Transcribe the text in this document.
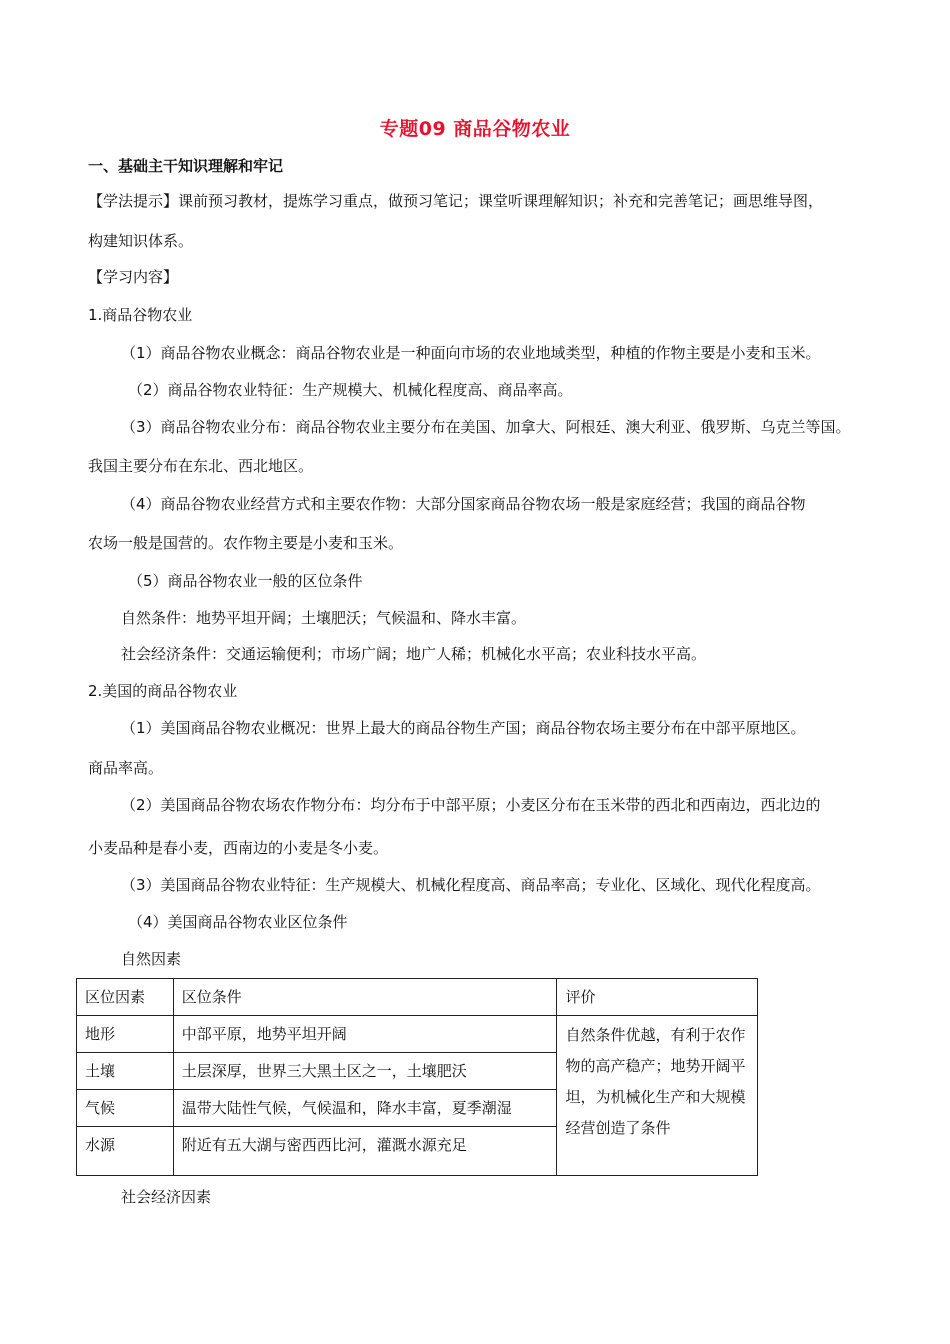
专题09 商品谷物农业
一、基础主干知识理解和牢记
【学法提示】课前预习教材，提炼学习重点，做预习笔记；课堂听课理解知识；补充和完善笔记；画思维导图，
构建知识体系。
【学习内容】
1.商品谷物农业
（1）商品谷物农业概念：商品谷物农业是一种面向市场的农业地域类型，种植的作物主要是小麦和玉米。
（2）商品谷物农业特征：生产规模大、机械化程度高、商品率高。
（3）商品谷物农业分布：商品谷物农业主要分布在美国、加拿大、阿根廷、澳大利亚、俄罗斯、乌克兰等国。
我国主要分布在东北、西北地区。
（4）商品谷物农业经营方式和主要农作物：大部分国家商品谷物农场一般是家庭经营；我国的商品谷物
农场一般是国营的。农作物主要是小麦和玉米。
（5）商品谷物农业一般的区位条件
自然条件：地势平坦开阔；土壤肥沃；气候温和、降水丰富。
社会经济条件：交通运输便利；市场广阔；地广人稀；机械化水平高；农业科技水平高。
2.美国的商品谷物农业
（1）美国商品谷物农业概况：世界上最大的商品谷物生产国；商品谷物农场主要分布在中部平原地区。
商品率高。
（2）美国商品谷物农场农作物分布：均分布于中部平原；小麦区分布在玉米带的西北和西南边，西北边的
小麦品种是春小麦，西南边的小麦是冬小麦。
（3）美国商品谷物农业特征：生产规模大、机械化程度高、商品率高；专业化、区域化、现代化程度高。
（4）美国商品谷物农业区位条件
自然因素
区位因素	区位条件	评价
地形	中部平原，地势平坦开阔	自然条件优越，有利于农作物的高产稳产；地势开阔平坦，为机械化生产和大规模经营创造了条件
土壤	土层深厚，世界三大黑土区之一，土壤肥沃	
气候	温带大陆性气候，气候温和，降水丰富，夏季潮湿	
水源	附近有五大湖与密西西比河，灌溉水源充足	
社会经济因素
